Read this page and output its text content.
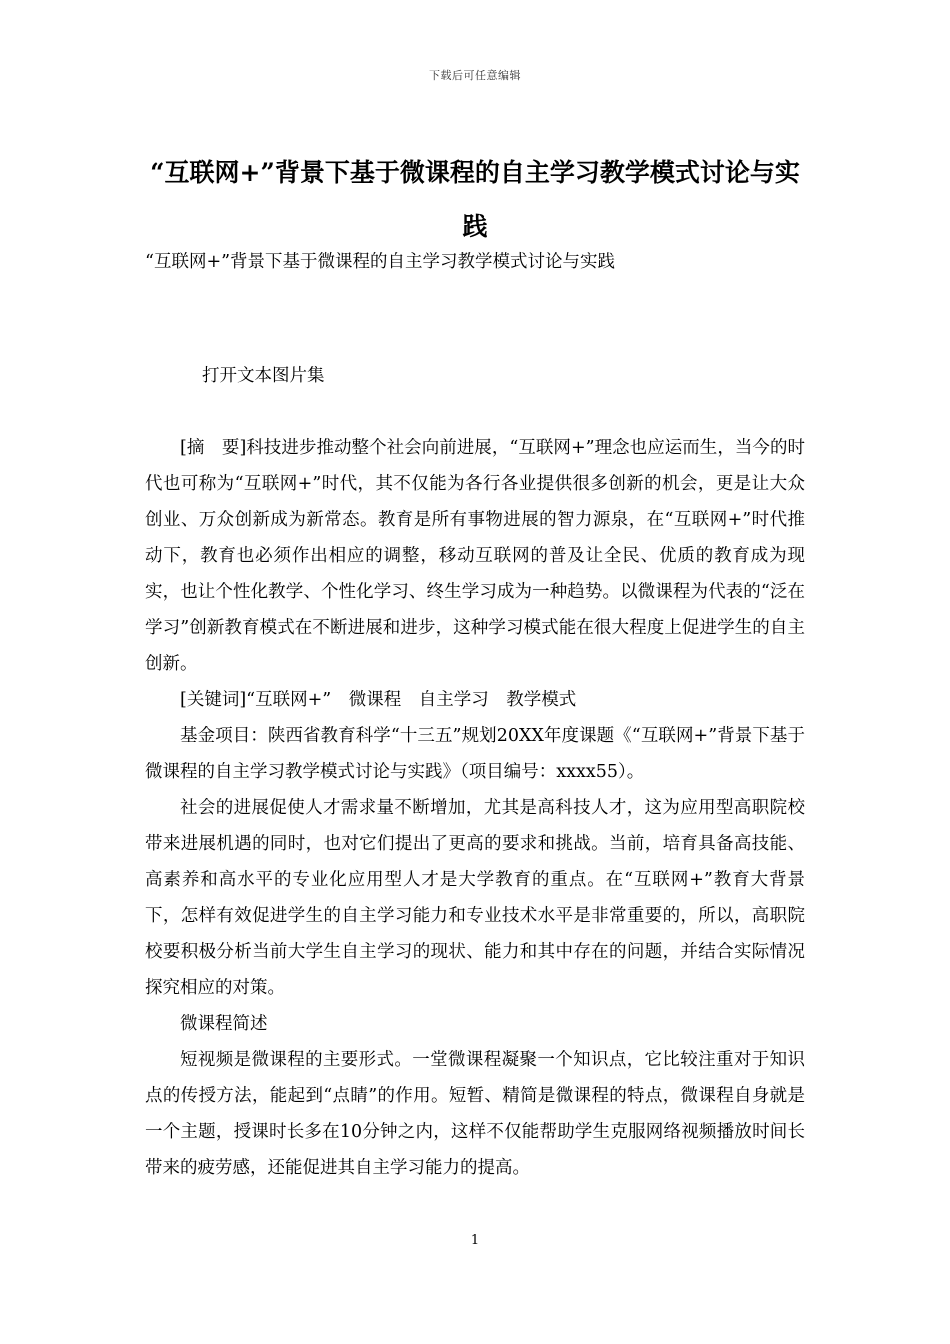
下载后可任意编辑
“互联网+”背景下基于微课程的自主学习教学模式讨论与实践
“互联网+”背景下基于微课程的自主学习教学模式讨论与实践
打开文本图片集

[摘　要]科技进步推动整个社会向前进展，“互联网+”理念也应运而生，当今的时代也可称为“互联网+”时代，其不仅能为各行各业提供很多创新的机会，更是让大众创业、万众创新成为新常态。教育是所有事物进展的智力源泉，在“互联网+”时代推动下，教育也必须作出相应的调整，移动互联网的普及让全民、优质的教育成为现实，也让个性化教学、个性化学习、终生学习成为一种趋势。以微课程为代表的“泛在学习”创新教育模式在不断进展和进步，这种学习模式能在很大程度上促进学生的自主创新。

[关键词]“互联网+”　微课程　自主学习　教学模式

基金项目：陕西省教育科学“十三五”规划20XX年度课题《“互联网+”背景下基于微课程的自主学习教学模式讨论与实践》（项目编号：xxxx55）。

社会的进展促使人才需求量不断增加，尤其是高科技人才，这为应用型高职院校带来进展机遇的同时，也对它们提出了更高的要求和挑战。当前，培育具备高技能、高素养和高水平的专业化应用型人才是大学教育的重点。在“互联网+”教育大背景下，怎样有效促进学生的自主学习能力和专业技术水平是非常重要的，所以，高职院校要积极分析当前大学生自主学习的现状、能力和其中存在的问题，并结合实际情况探究相应的对策。

微课程简述

短视频是微课程的主要形式。一堂微课程凝聚一个知识点，它比较注重对于知识点的传授方法，能起到“点睛”的作用。短暂、精简是微课程的特点，微课程自身就是一个主题，授课时长多在10分钟之内，这样不仅能帮助学生克服网络视频播放时间长带来的疲劳感，还能促进其自主学习能力的提高。

1
